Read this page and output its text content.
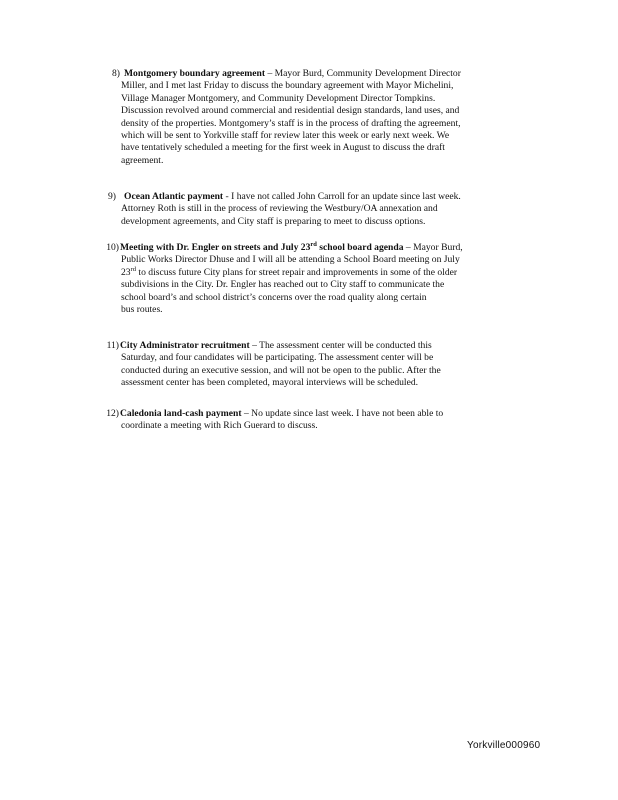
8) Montgomery boundary agreement – Mayor Burd, Community Development Director
Miller, and I met last Friday to discuss the boundary agreement with Mayor Michelini,
Village Manager Montgomery, and Community Development Director Tompkins.
Discussion revolved around commercial and residential design standards, land uses, and
density of the properties. Montgomery’s staff is in the process of drafting the agreement,
which will be sent to Yorkville staff for review later this week or early next week. We
have tentatively scheduled a meeting for the first week in August to discuss the draft
agreement.
9) Ocean Atlantic payment - I have not called John Carroll for an update since last week.
Attorney Roth is still in the process of reviewing the Westbury/OA annexation and
development agreements, and City staff is preparing to meet to discuss options.
10) Meeting with Dr. Engler on streets and July 23rd school board agenda – Mayor Burd,
Public Works Director Dhuse and I will all be attending a School Board meeting on July
23rd to discuss future City plans for street repair and improvements in some of the older
subdivisions in the City. Dr. Engler has reached out to City staff to communicate the
school board’s and school district’s concerns over the road quality along certain
bus routes.
11) City Administrator recruitment – The assessment center will be conducted this
Saturday, and four candidates will be participating. The assessment center will be
conducted during an executive session, and will not be open to the public. After the
assessment center has been completed, mayoral interviews will be scheduled.
12) Caledonia land-cash payment – No update since last week. I have not been able to
coordinate a meeting with Rich Guerard to discuss.
Yorkville000960
